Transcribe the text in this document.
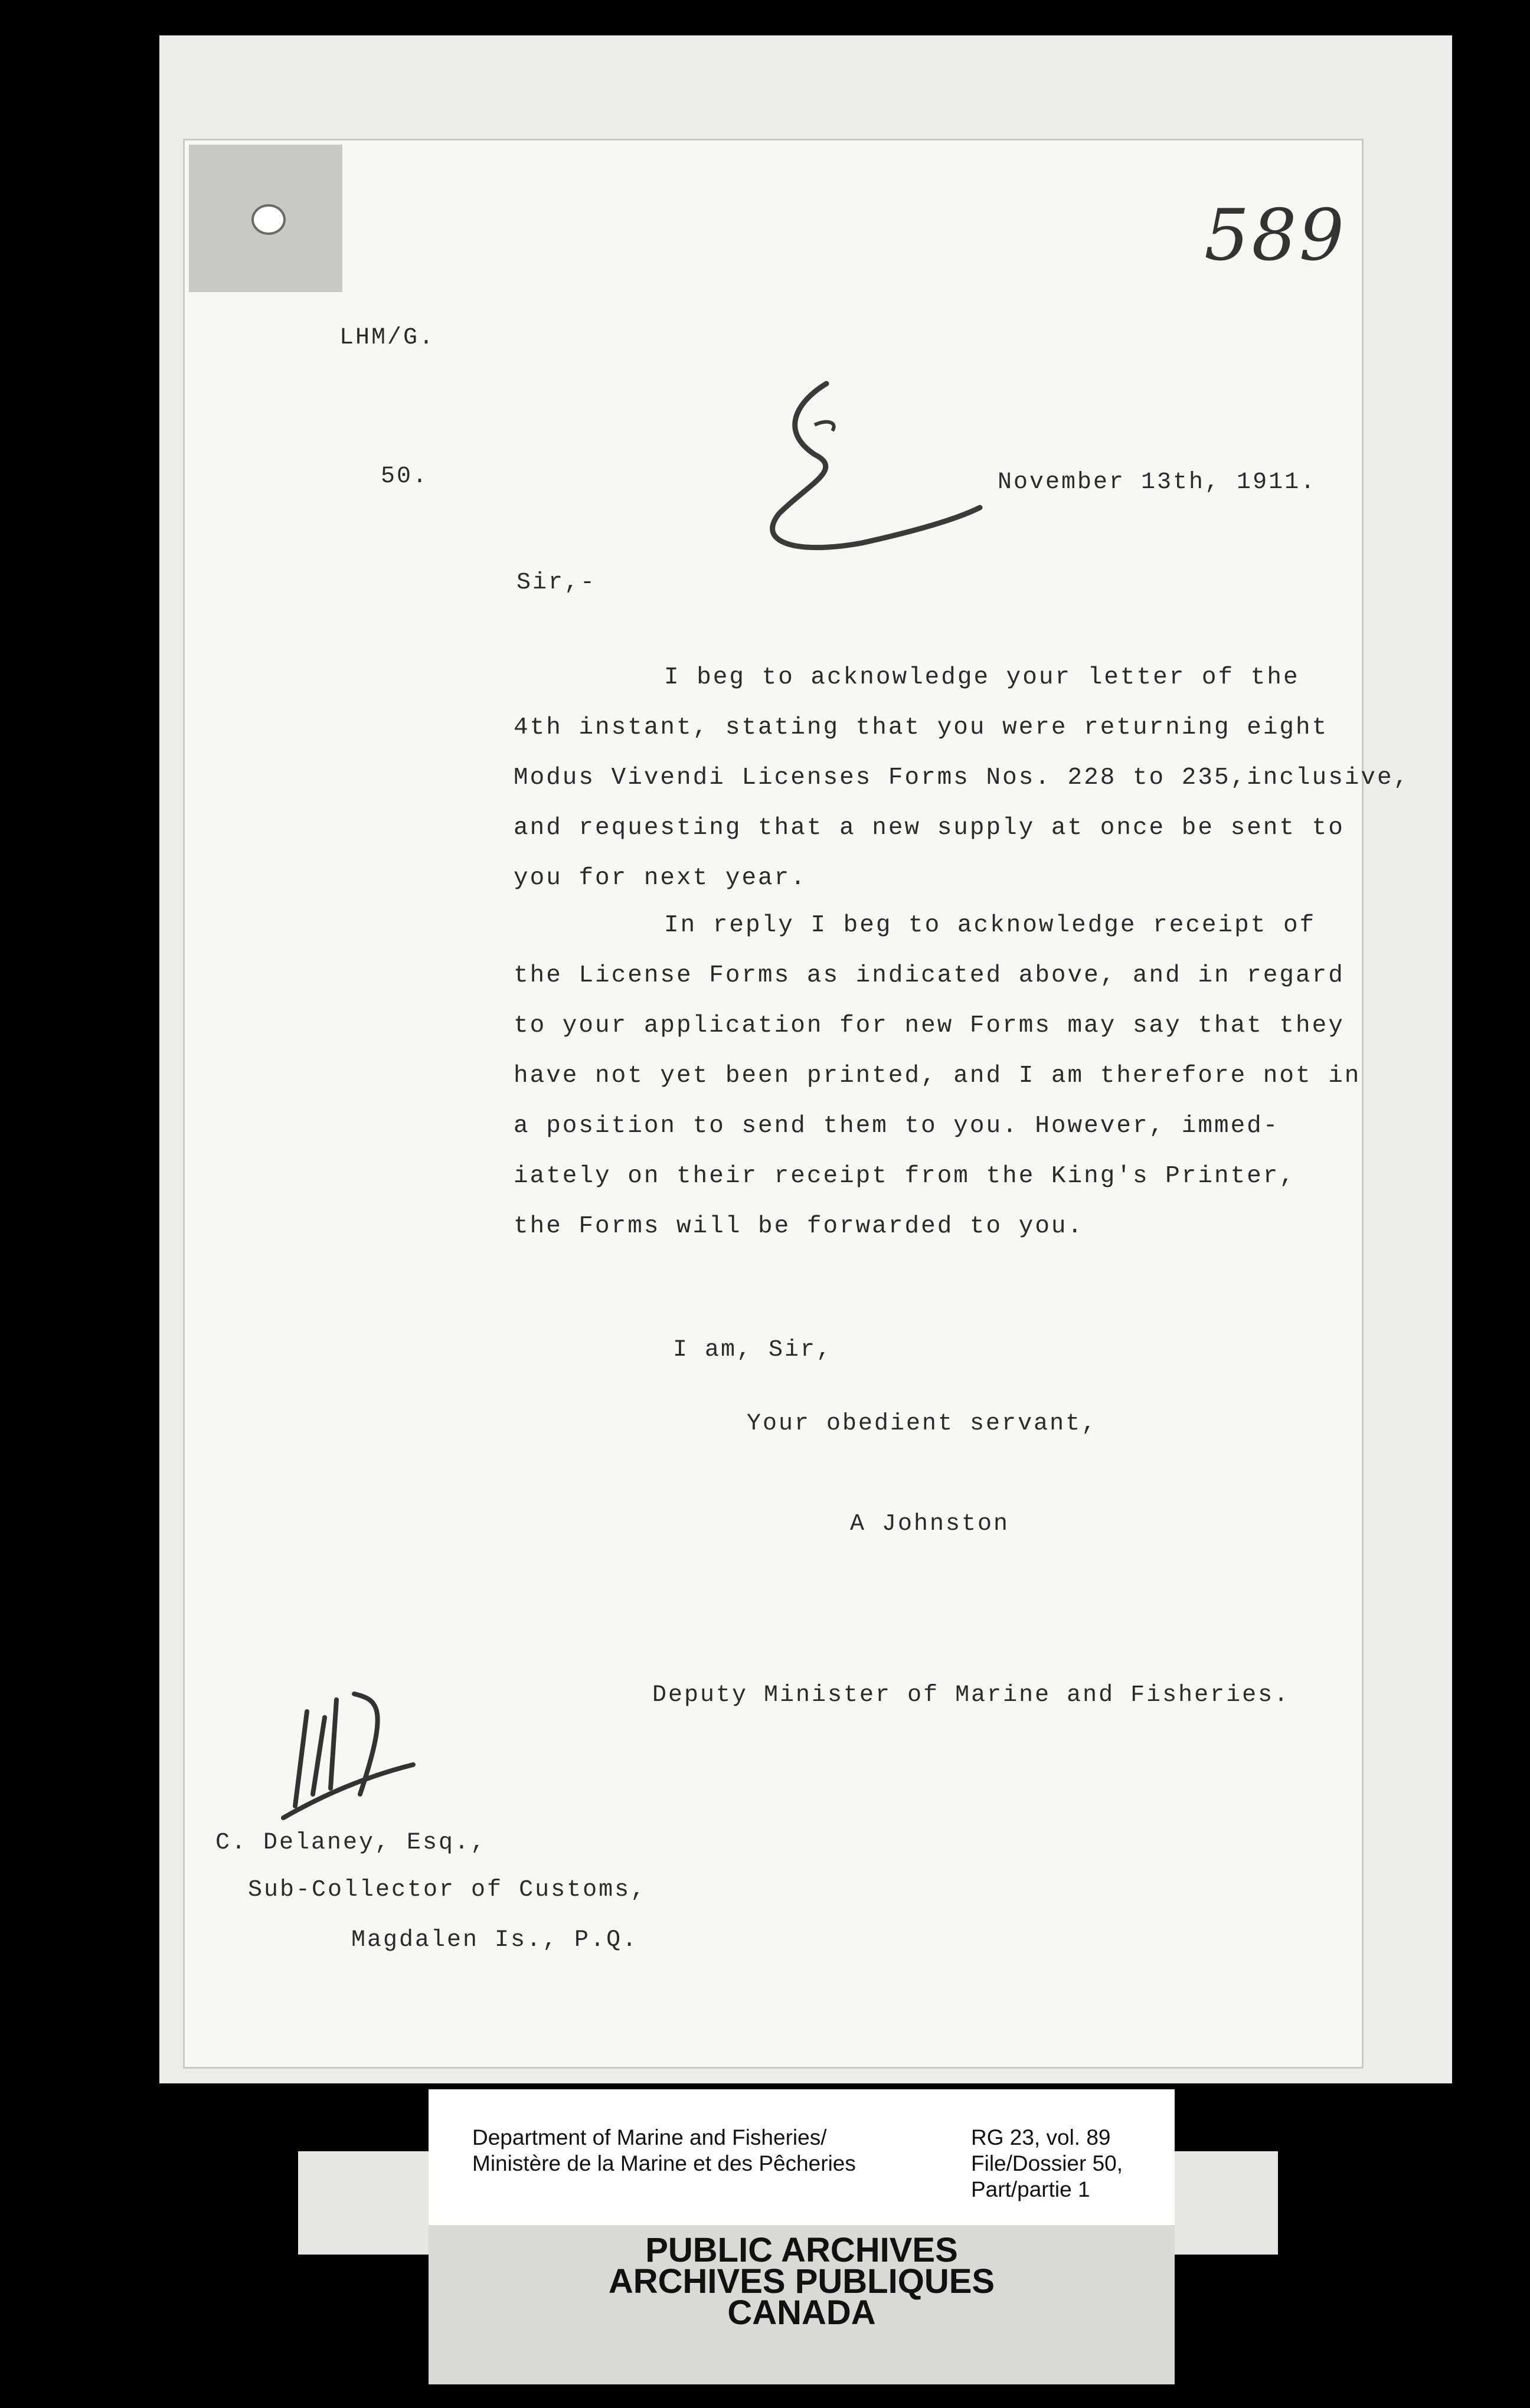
589
LHM/G.
50.	November 13th, 1911.
Sir,-
I beg to acknowledge your letter of the
4th instant, stating that you were returning eight
Modus Vivendi Licenses Forms Nos. 228 to 235,inclusive,
and requesting that a new supply at once be sent to
you for next year.
In reply I beg to acknowledge receipt of
the License Forms as indicated above, and in regard
to your application for new Forms may say that they
have not yet been printed, and I am therefore not in
a position to send them to you. However, immed-
iately on their receipt from the King's Printer,
the Forms will be forwarded to you.
I am, Sir,
Your obedient servant,
A Johnston
Deputy Minister of Marine and Fisheries.
C. Delaney, Esq.,
Sub-Collector of Customs,
Magdalen Is., P.Q.
Department of Marine and Fisheries/
Ministère de la Marine et des Pêcheries
RG 23, vol. 89
File/Dossier 50,
Part/partie 1
PUBLIC ARCHIVES
ARCHIVES PUBLIQUES
CANADA
